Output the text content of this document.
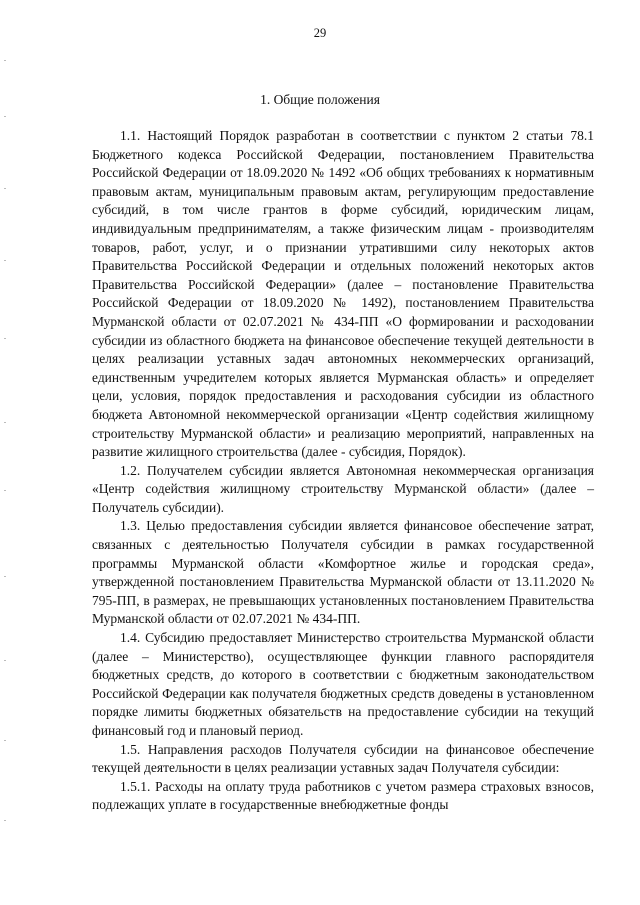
29
1. Общие положения

1.1. Настоящий Порядок разработан в соответствии с пунктом 2 статьи 78.1 Бюджетного кодекса Российской Федерации, постановлением Правительства Российской Федерации от 18.09.2020 № 1492 «Об общих требованиях к нормативным правовым актам, муниципальным правовым актам, регулирующим предоставление субсидий, в том числе грантов в форме субсидий, юридическим лицам, индивидуальным предпринимателям, а также физическим лицам - производителям товаров, работ, услуг, и о признании утратившими силу некоторых актов Правительства Российской Федерации и отдельных положений некоторых актов Правительства Российской Федерации» (далее – постановление Правительства Российской Федерации от 18.09.2020 № 1492), постановлением Правительства Мурманской области от 02.07.2021 № 434-ПП «О формировании и расходовании субсидии из областного бюджета на финансовое обеспечение текущей деятельности в целях реализации уставных задач автономных некоммерческих организаций, единственным учредителем которых является Мурманская область» и определяет цели, условия, порядок предоставления и расходования субсидии из областного бюджета Автономной некоммерческой организации «Центр содействия жилищному строительству Мурманской области» и реализацию мероприятий, направленных на развитие жилищного строительства (далее - субсидия, Порядок).

1.2. Получателем субсидии является Автономная некоммерческая организация «Центр содействия жилищному строительству Мурманской области» (далее – Получатель субсидии).

1.3. Целью предоставления субсидии является финансовое обеспечение затрат, связанных с деятельностью Получателя субсидии в рамках государственной программы Мурманской области «Комфортное жилье и городская среда», утвержденной постановлением Правительства Мурманской области от 13.11.2020 № 795-ПП, в размерах, не превышающих установленных постановлением Правительства Мурманской области от 02.07.2021 № 434-ПП.

1.4. Субсидию предоставляет Министерство строительства Мурманской области (далее – Министерство), осуществляющее функции главного распорядителя бюджетных средств, до которого в соответствии с бюджетным законодательством Российской Федерации как получателя бюджетных средств доведены в установленном порядке лимиты бюджетных обязательств на предоставление субсидии на текущий финансовый год и плановый период.

1.5. Направления расходов Получателя субсидии на финансовое обеспечение текущей деятельности в целях реализации уставных задач Получателя субсидии:

1.5.1. Расходы на оплату труда работников с учетом размера страховых взносов, подлежащих уплате в государственные внебюджетные фонды
